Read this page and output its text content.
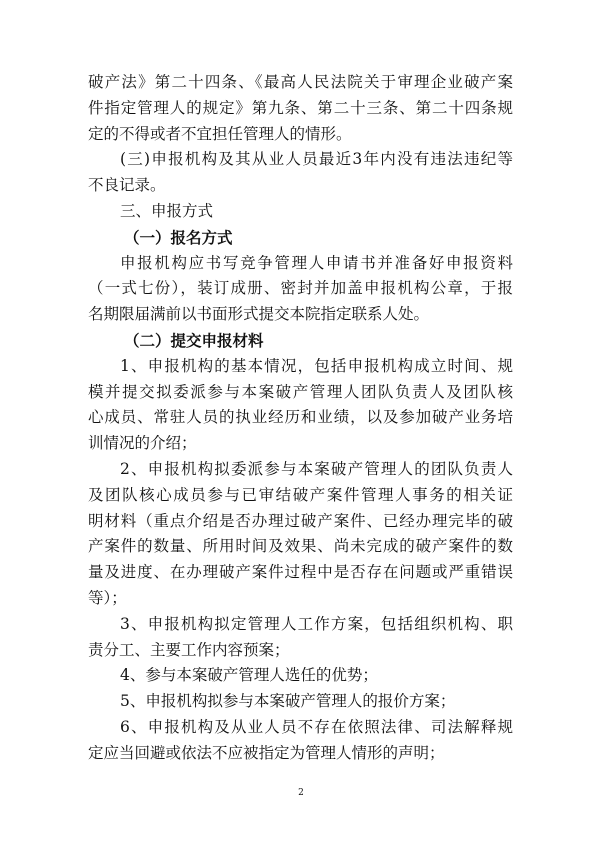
破产法》第二十四条、《最高人民法院关于审理企业破产案
件指定管理人的规定》第九条、第二十三条、第二十四条规
定的不得或者不宜担任管理人的情形。
(三)申报机构及其从业人员最近3年内没有违法违纪等
不良记录。
三、申报方式
（一）报名方式
申报机构应书写竞争管理人申请书并准备好申报资料
（一式七份），装订成册、密封并加盖申报机构公章，于报
名期限届满前以书面形式提交本院指定联系人处。
（二）提交申报材料
1、申报机构的基本情况，包括申报机构成立时间、规
模并提交拟委派参与本案破产管理人团队负责人及团队核
心成员、常驻人员的执业经历和业绩，以及参加破产业务培
训情况的介绍；
2、申报机构拟委派参与本案破产管理人的团队负责人
及团队核心成员参与已审结破产案件管理人事务的相关证
明材料（重点介绍是否办理过破产案件、已经办理完毕的破
产案件的数量、所用时间及效果、尚未完成的破产案件的数
量及进度、在办理破产案件过程中是否存在问题或严重错误
等）；
3、申报机构拟定管理人工作方案，包括组织机构、职
责分工、主要工作内容预案；
4、参与本案破产管理人选任的优势；
5、申报机构拟参与本案破产管理人的报价方案；
6、申报机构及从业人员不存在依照法律、司法解释规
定应当回避或依法不应被指定为管理人情形的声明；
2
